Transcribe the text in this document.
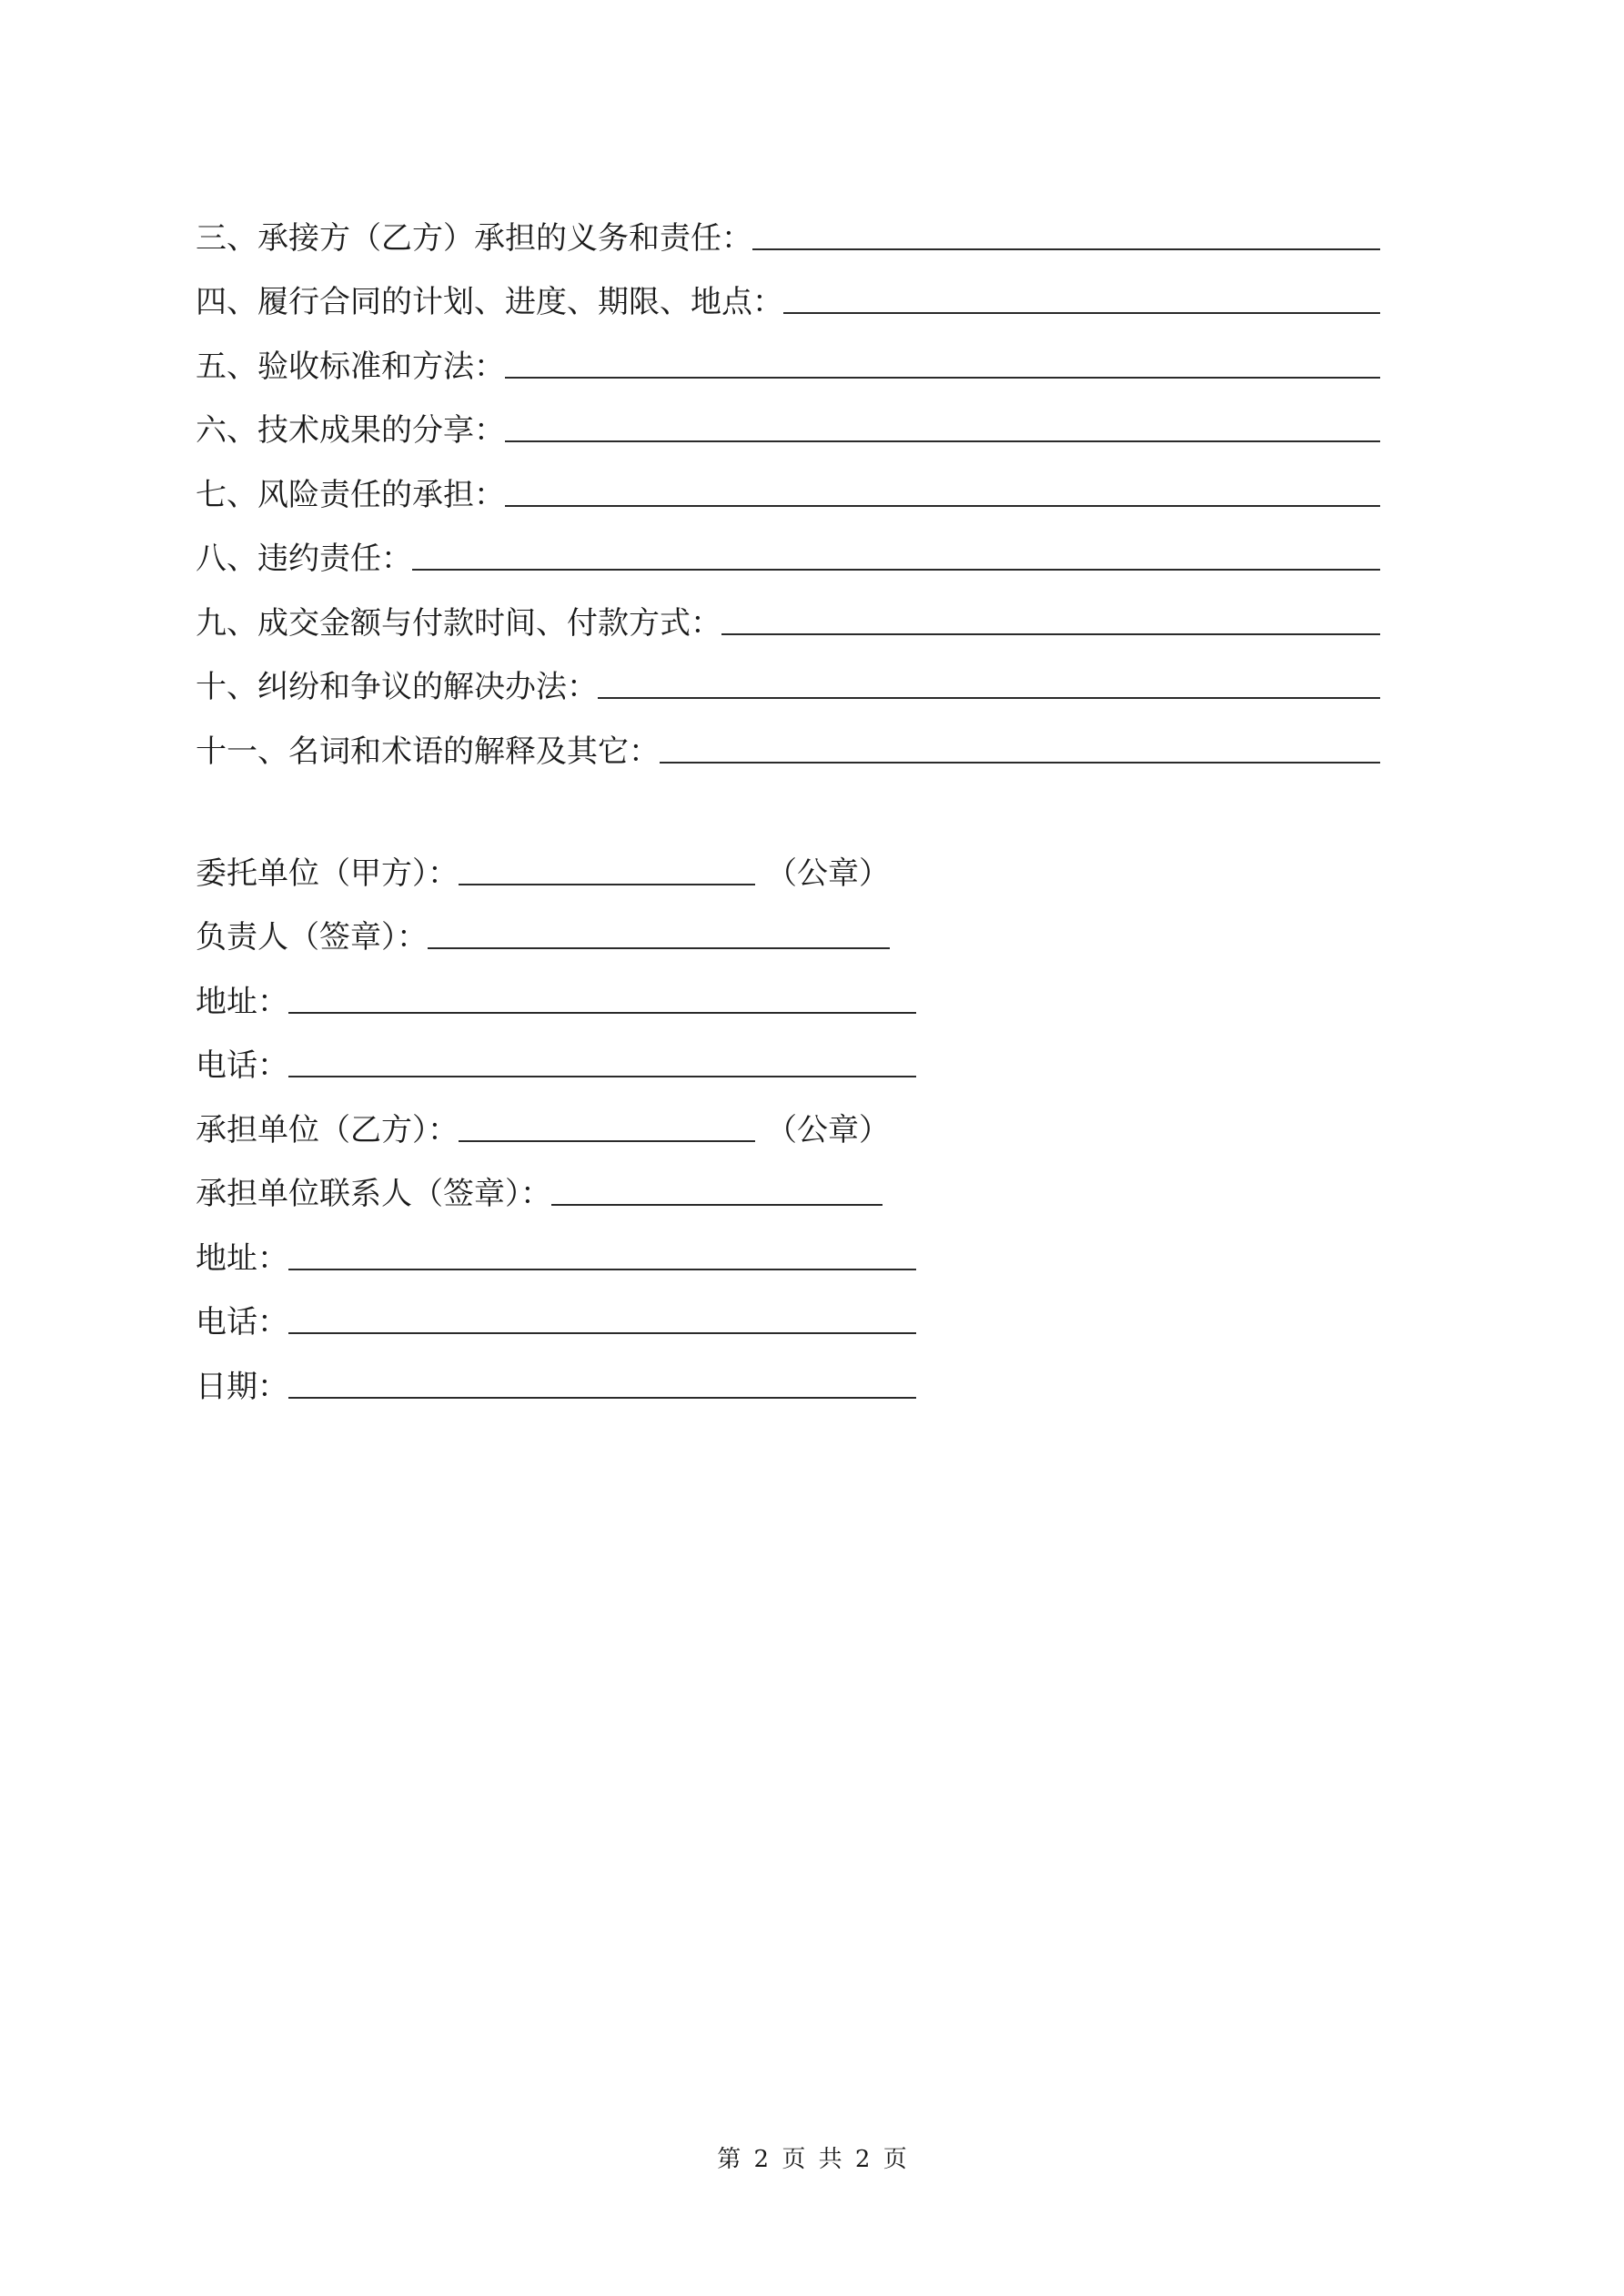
三、承接方（乙方）承担的义务和责任：
四、履行合同的计划、进度、期限、地点：
五、验收标准和方法：
六、技术成果的分享：
七、风险责任的承担：
八、违约责任：
九、成交金额与付款时间、付款方式：
十、纠纷和争议的解决办法：
十一、名词和术语的解释及其它：
委托单位（甲方）：	（公章）
负责人（签章）：
地址：
电话：
承担单位（乙方）：	（公章）
承担单位联系人（签章）：
地址：
电话：
日期：
第 2 页 共 2 页
